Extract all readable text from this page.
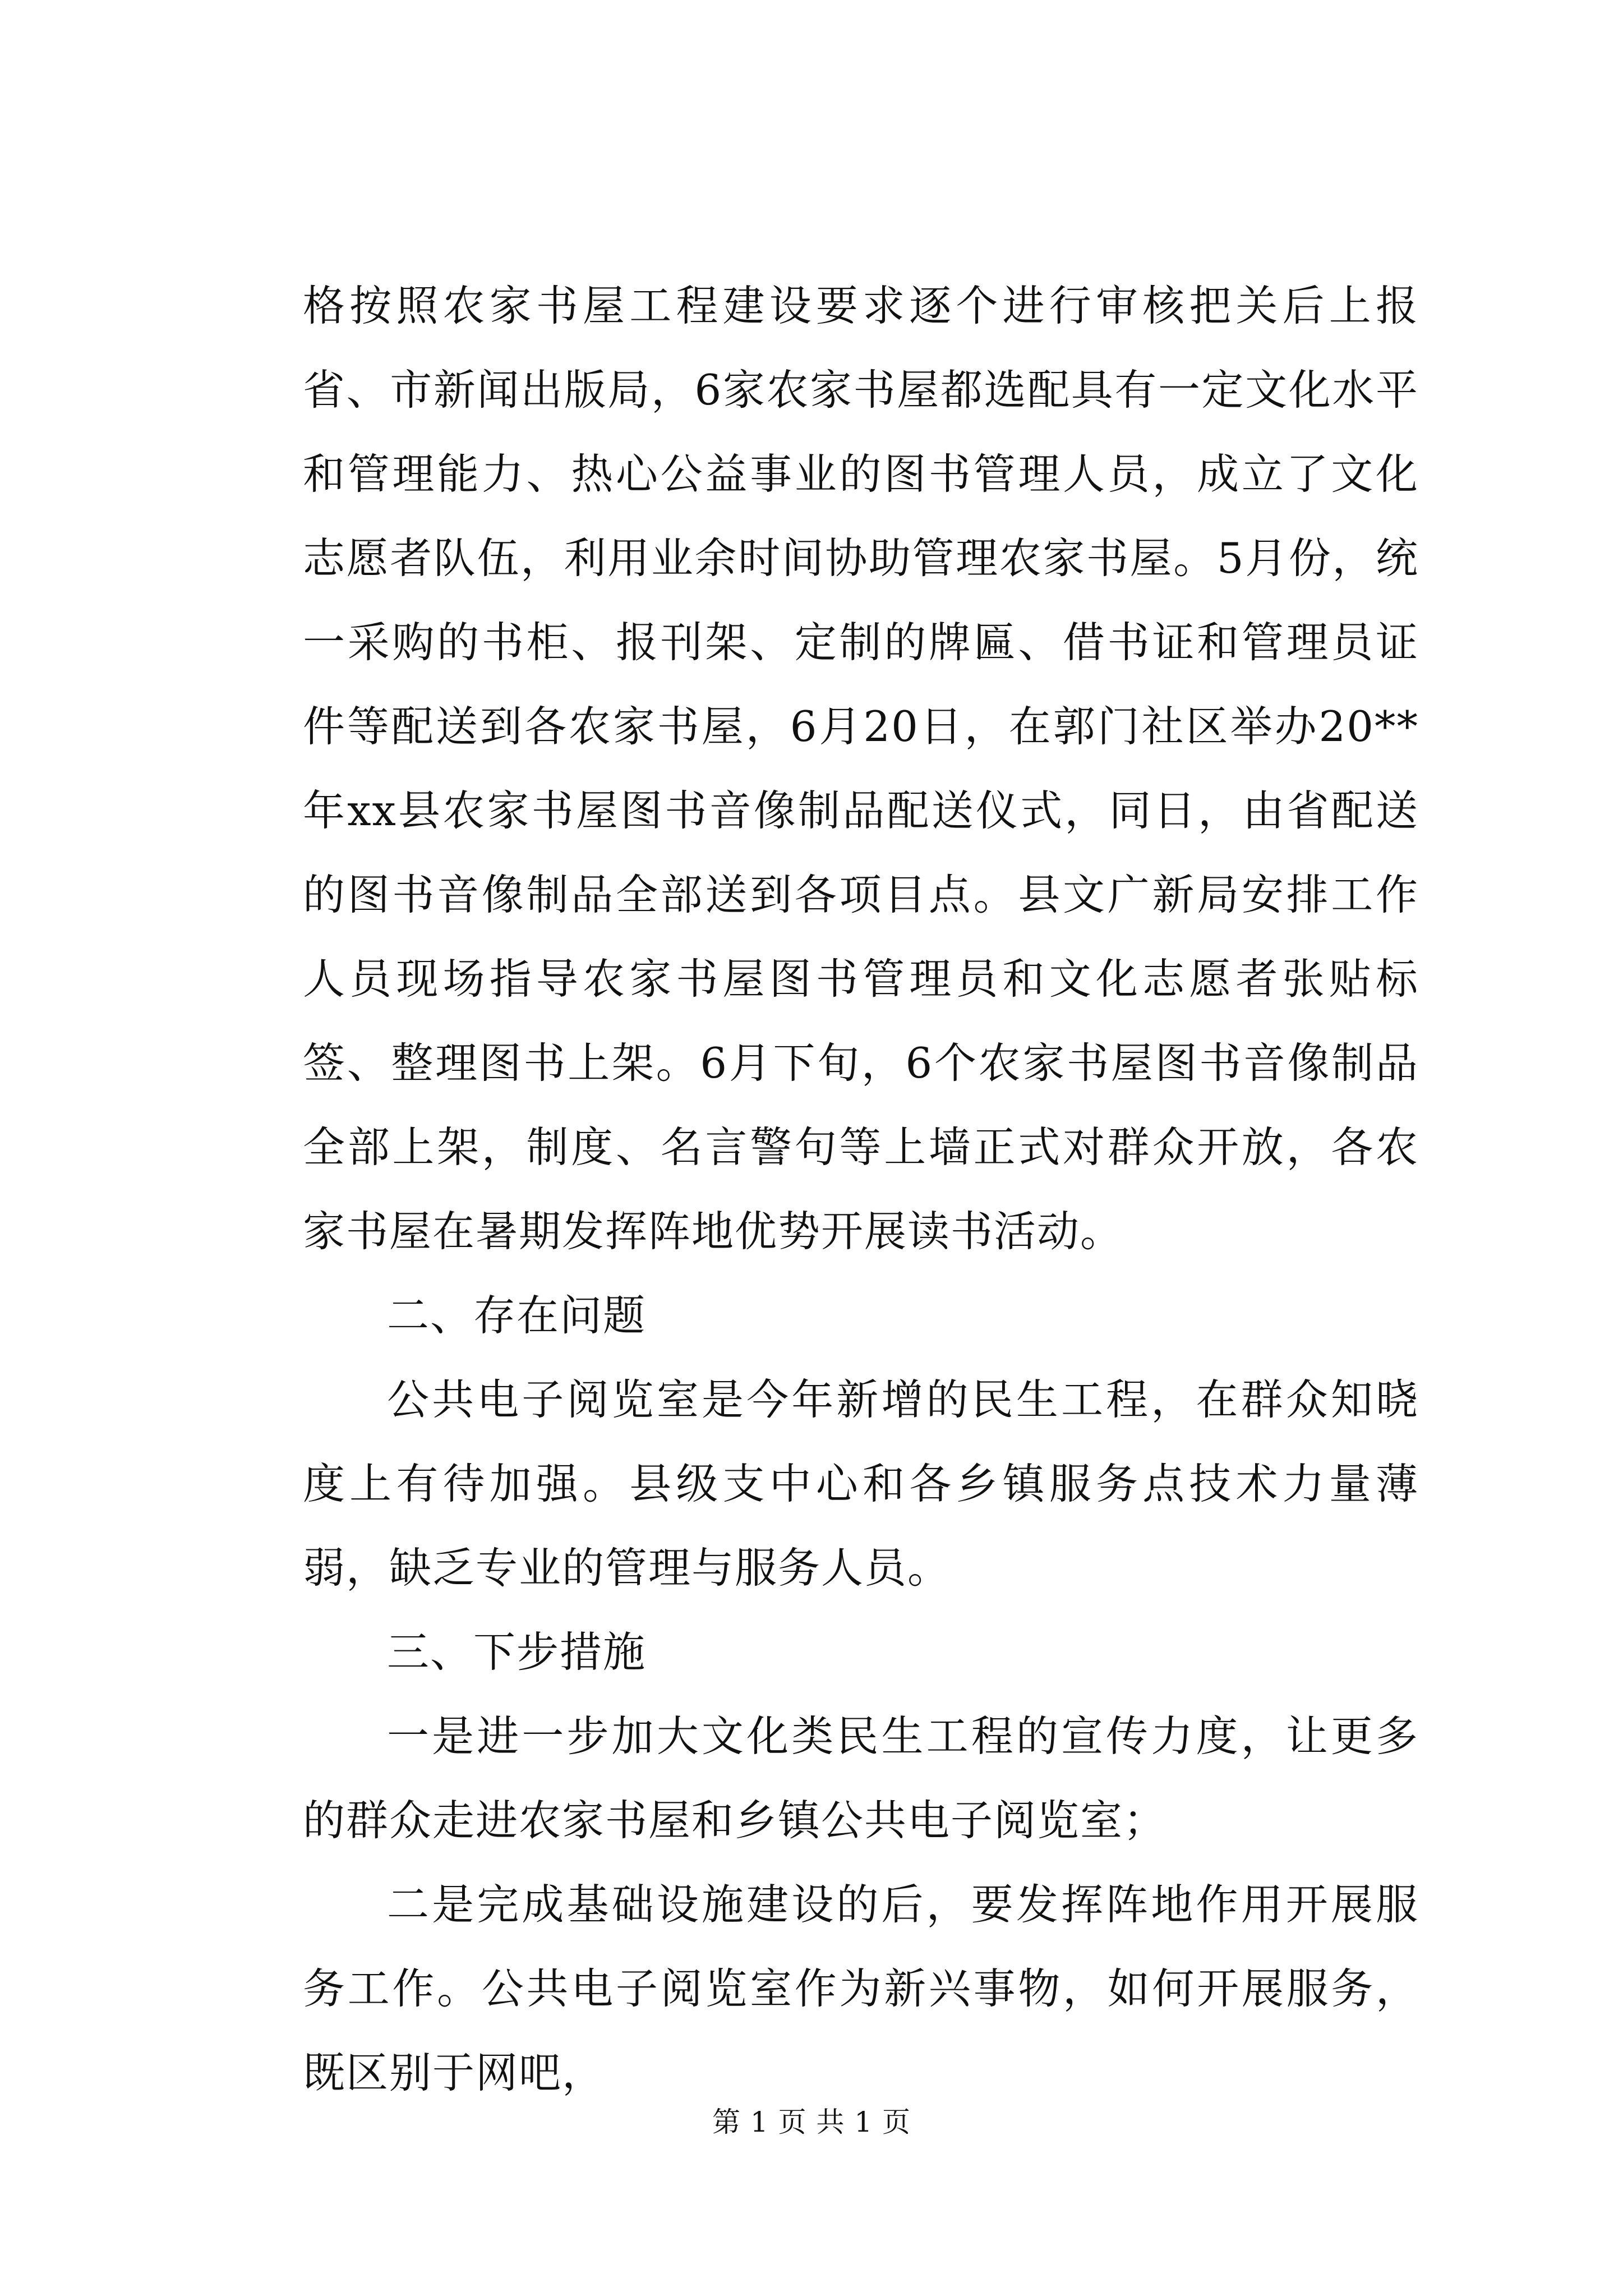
格按照农家书屋工程建设要求逐个进行审核把关后上报省、市新闻出版局，6家农家书屋都选配具有一定文化水平和管理能力、热心公益事业的图书管理人员，成立了文化志愿者队伍，利用业余时间协助管理农家书屋。5月份，统一采购的书柜、报刊架、定制的牌匾、借书证和管理员证件等配送到各农家书屋，6月20日，在郭门社区举办20**年xx县农家书屋图书音像制品配送仪式，同日，由省配送的图书音像制品全部送到各项目点。县文广新局安排工作人员现场指导农家书屋图书管理员和文化志愿者张贴标签、整理图书上架。6月下旬，6个农家书屋图书音像制品全部上架，制度、名言警句等上墙正式对群众开放，各农家书屋在暑期发挥阵地优势开展读书活动。

二、存在问题

公共电子阅览室是今年新增的民生工程，在群众知晓度上有待加强。县级支中心和各乡镇服务点技术力量薄弱，缺乏专业的管理与服务人员。

三、下步措施

一是进一步加大文化类民生工程的宣传力度，让更多的群众走进农家书屋和乡镇公共电子阅览室；

二是完成基础设施建设的后，要发挥阵地作用开展服务工作。公共电子阅览室作为新兴事物，如何开展服务，既区别于网吧，

第 1 页 共 1 页
